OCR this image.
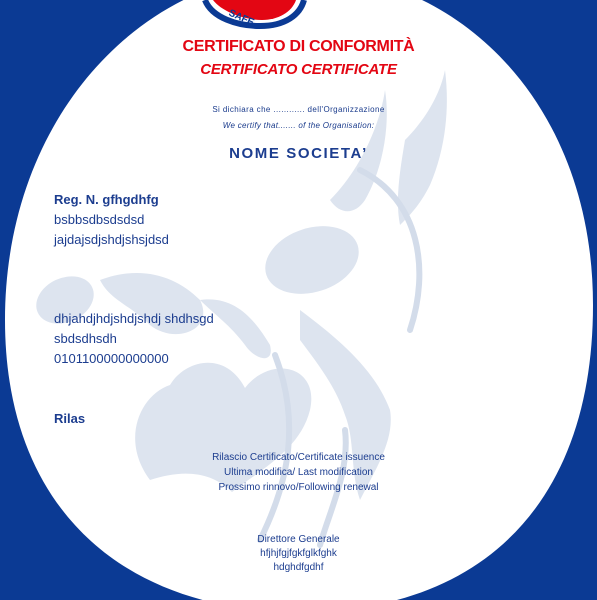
SAFE

CERTIFICATO DI CONFORMITÀ

CERTIFICATO CERTIFICATE

Si dichiara che ............ dell'Organizzazione

We certify that....... of the Organisation:

NOME SOCIETA’

Reg. N. gfhgdhfg

bsbbsdbsdsdsd

jajdajsdjshdjshsjdsd

dhjahdjhdjshdjshdj shdhsgd

sbdsdhsdh

0101100000000000

Rilas

Rilascio Certificato/Certificate issuence

Ultima modifica/ Last modification

Prossimo rinnovo/Following renewal

Direttore Generale

hfjhjfgjfgkfglkfghk

hdghdfgdhf
